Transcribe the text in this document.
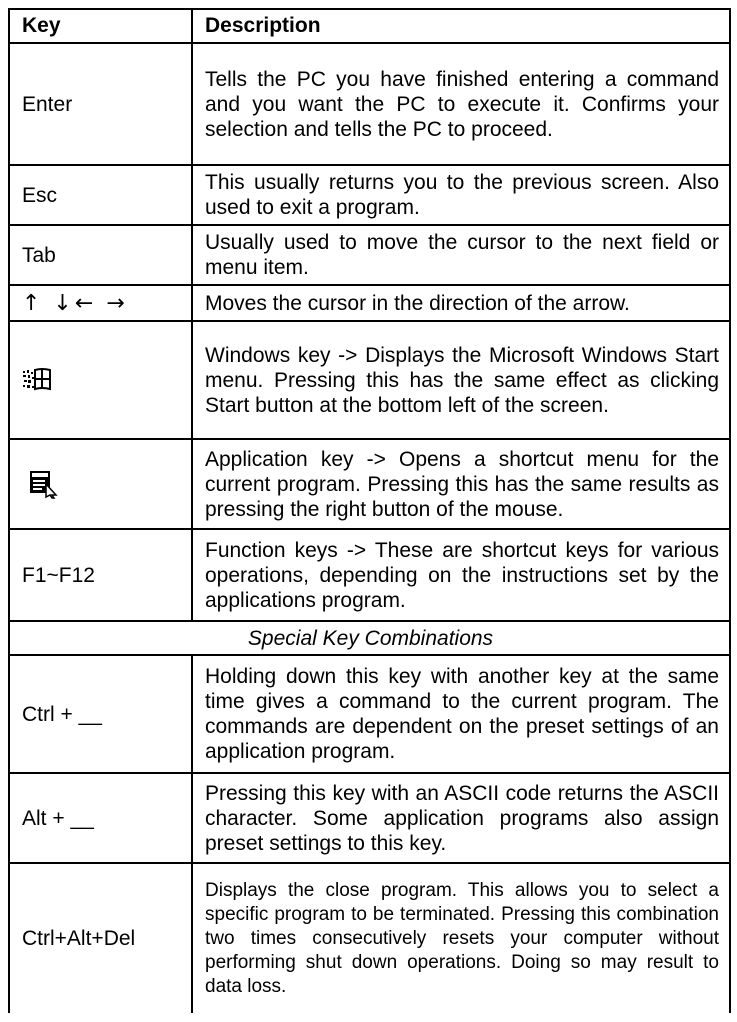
Key	Description
Enter	Tells the PC you have finished entering a command and you want the PC to execute it. Confirms your selection and tells the PC to proceed.
Esc	This usually returns you to the previous screen. Also used to exit a program.
Tab	Usually used to move the cursor to the next field or menu item.
↑ ↓← →	Moves the cursor in the direction of the arrow.

	Windows key -> Displays the Microsoft Windows Start menu. Pressing this has the same effect as clicking Start button at the bottom left of the screen.

	Application key -> Opens a shortcut menu for the current program. Pressing this has the same results as pressing the right button of the mouse.
F1~F12	Function keys -> These are shortcut keys for various operations, depending on the instructions set by the applications program.
Special Key Combinations	
Ctrl + __	Holding down this key with another key at the same time gives a command to the current program. The commands are dependent on the preset settings of an application program.
Alt + __	Pressing this key with an ASCII code returns the ASCII character. Some application programs also assign preset settings to this key.
Ctrl+Alt+Del	Displays the close program. This allows you to select a specific program to be terminated. Pressing this combination two times consecutively resets your computer without performing shut down operations. Doing so may result to data loss.
